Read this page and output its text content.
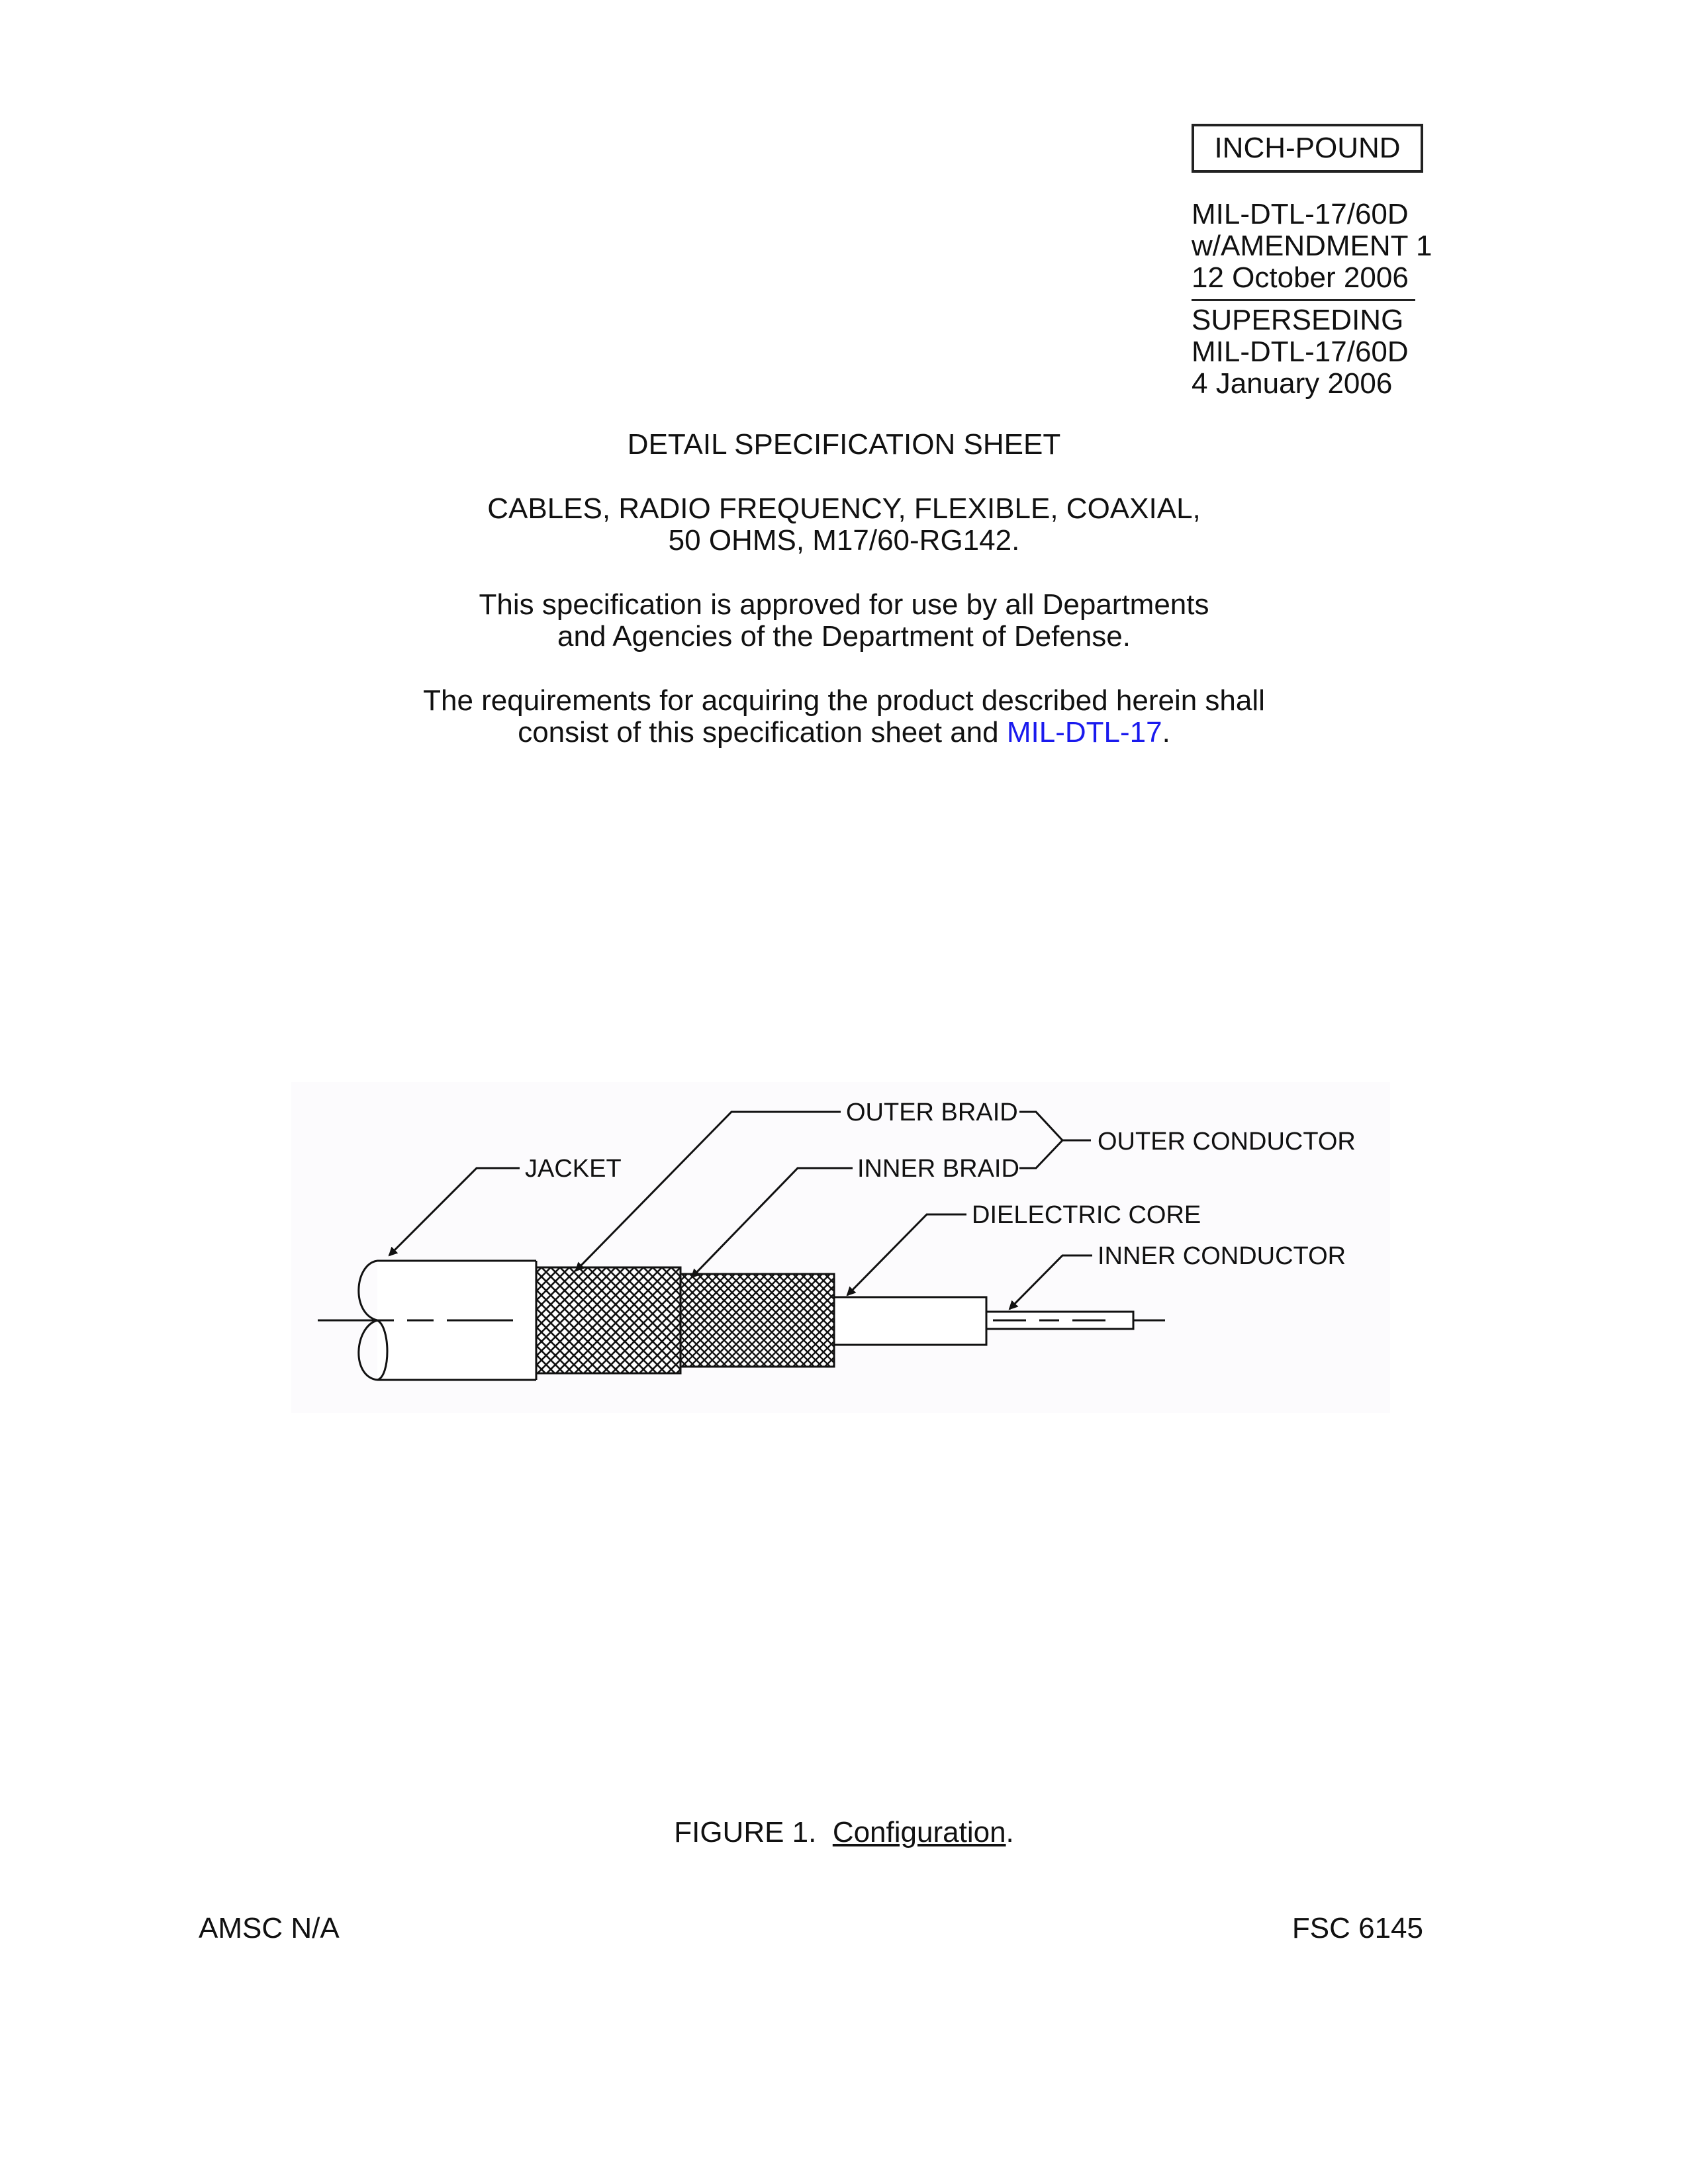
INCH-POUND
MIL-DTL-17/60D
w/AMENDMENT 1
12 October 2006
SUPERSEDING
MIL-DTL-17/60D
4 January 2006
DETAIL SPECIFICATION SHEET
CABLES, RADIO FREQUENCY, FLEXIBLE, COAXIAL,
50 OHMS, M17/60-RG142.
This specification is approved for use by all Departments
and Agencies of the Department of Defense.
The requirements for acquiring the product described herein shall
consist of this specification sheet and MIL-DTL-17.
OUTER BRAID
OUTER CONDUCTOR
INNER BRAID
JACKET
DIELECTRIC CORE
INNER CONDUCTOR
FIGURE 1.  Configuration.
AMSC N/A	FSC 6145
